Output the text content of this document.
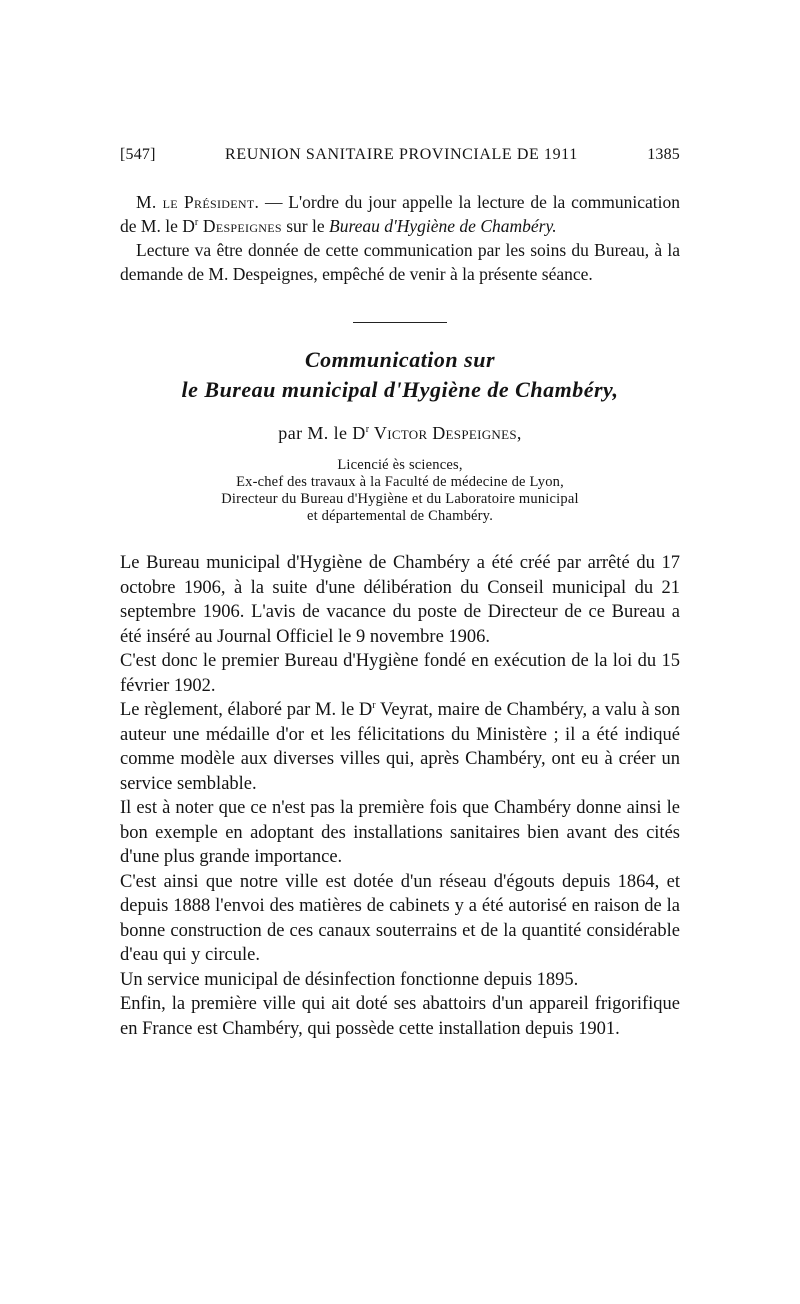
[547]	REUNION SANITAIRE PROVINCIALE DE 1911	1385

M. le Président. — L'ordre du jour appelle la lecture de la communication de M. le $D^r$ Despeignes sur le Bureau d'Hygiène de Chambéry.

Lecture va être donnée de cette communication par les soins du Bureau, à la demande de M. Despeignes, empêché de venir à la présente séance.

Communication sur
le Bureau municipal d'Hygiène de Chambéry,
par M. le $D^r$ Victor Despeignes,
Licencié ès sciences,
Ex-chef des travaux à la Faculté de médecine de Lyon,
Directeur du Bureau d'Hygiène et du Laboratoire municipal
et départemental de Chambéry.

Le Bureau municipal d'Hygiène de Chambéry a été créé par arrêté du 17 octobre 1906, à la suite d'une délibération du Conseil municipal du 21 septembre 1906. L'avis de vacance du poste de Directeur de ce Bureau a été inséré au Journal Officiel le 9 novembre 1906.

C'est donc le premier Bureau d'Hygiène fondé en exécution de la loi du 15 février 1902.

Le règlement, élaboré par M. le $D^r$ Veyrat, maire de Chambéry, a valu à son auteur une médaille d'or et les félicitations du Ministère ; il a été indiqué comme modèle aux diverses villes qui, après Chambéry, ont eu à créer un service semblable.

Il est à noter que ce n'est pas la première fois que Chambéry donne ainsi le bon exemple en adoptant des installations sanitaires bien avant des cités d'une plus grande importance.

C'est ainsi que notre ville est dotée d'un réseau d'égouts depuis 1864, et depuis 1888 l'envoi des matières de cabinets y a été autorisé en raison de la bonne construction de ces canaux souterrains et de la quantité considérable d'eau qui y circule.

Un service municipal de désinfection fonctionne depuis 1895.

Enfin, la première ville qui ait doté ses abattoirs d'un appareil frigorifique en France est Chambéry, qui possède cette installation depuis 1901.
